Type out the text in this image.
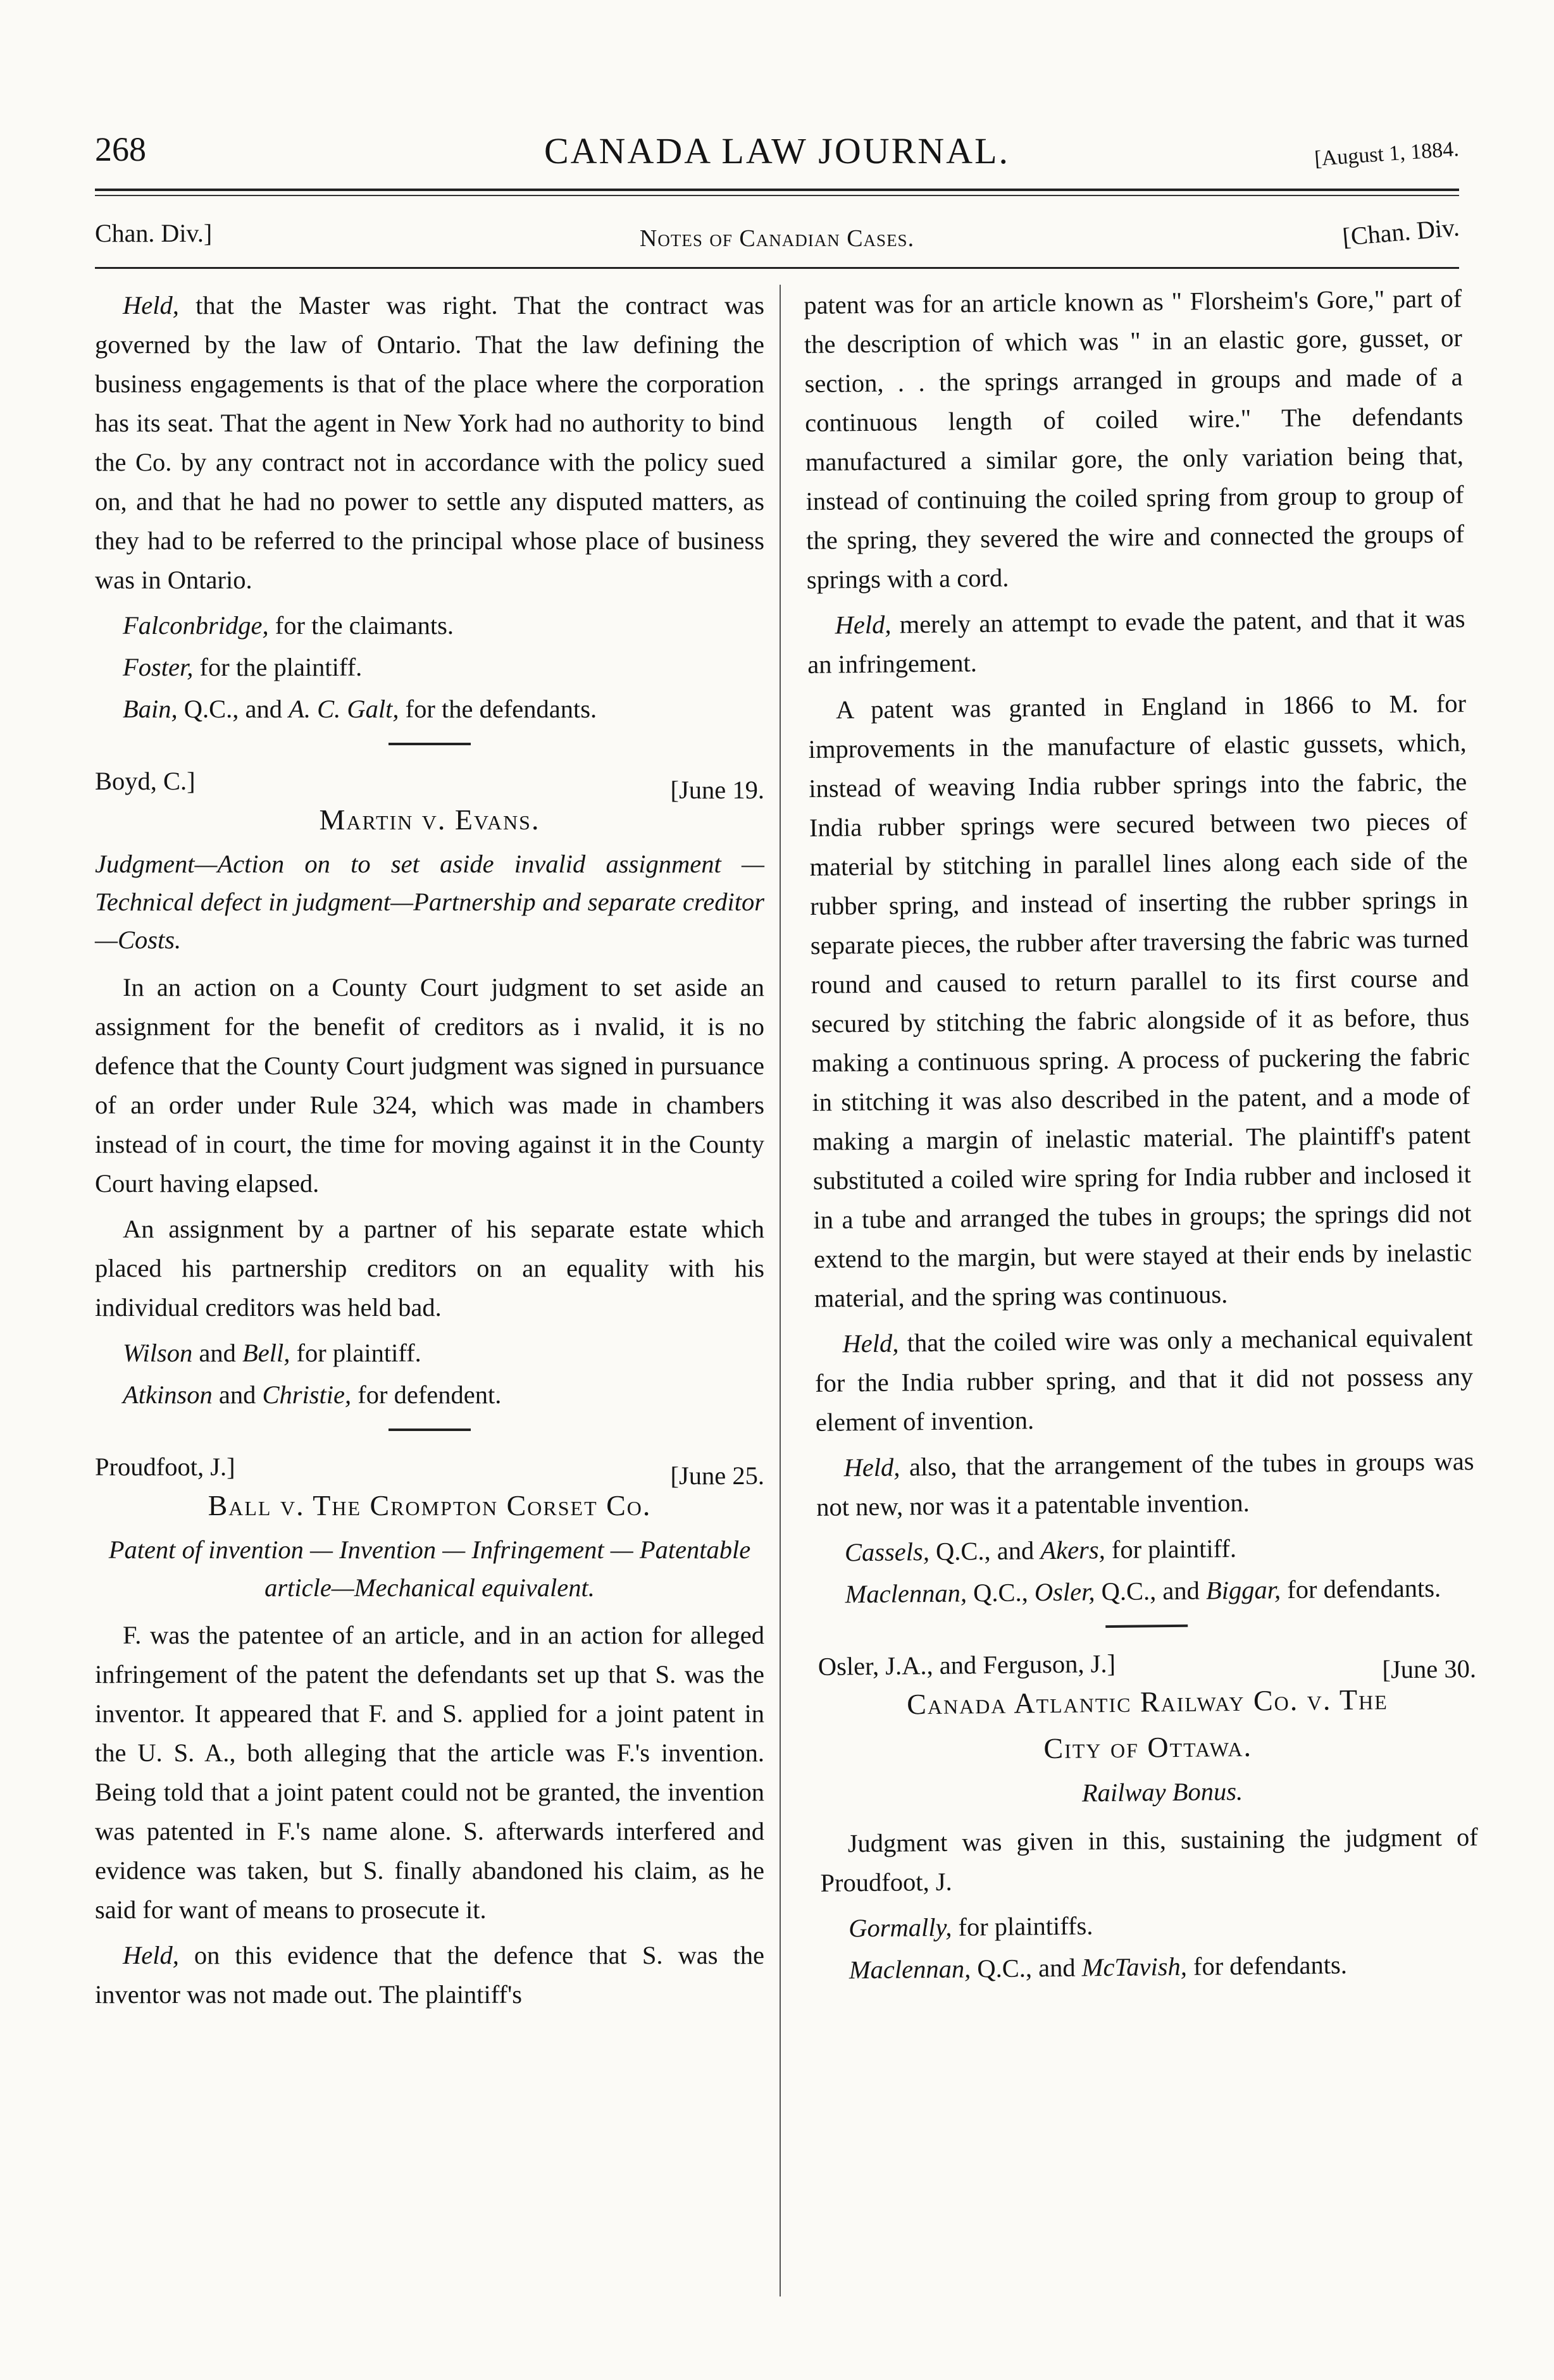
268	CANADA LAW JOURNAL.	[August 1, 1884.
Chan. Div.]	Notes of Canadian Cases.	[Chan. Div.

Held, that the Master was right. That the contract was governed by the law of Ontario. That the law defining the business engagements is that of the place where the corporation has its seat. That the agent in New York had no authority to bind the Co. by any contract not in accordance with the policy sued on, and that he had no power to settle any disputed matters, as they had to be referred to the principal whose place of business was in Ontario.

Falconbridge, for the claimants.

Foster, for the plaintiff.

Bain, Q.C., and A. C. Galt, for the defendants.

Boyd, C.]	[June 19.
Martin v. Evans.

Judgment—Action on to set aside invalid assignment —Technical defect in judgment—Partnership and separate creditor—Costs.

In an action on a County Court judgment to set aside an assignment for the benefit of creditors as i nvalid, it is no defence that the County Court judgment was signed in pursuance of an order under Rule 324, which was made in chambers instead of in court, the time for moving against it in the County Court having elapsed.

An assignment by a partner of his separate estate which placed his partnership creditors on an equality with his individual creditors was held bad.

Wilson and Bell, for plaintiff.

Atkinson and Christie, for defendent.

Proudfoot, J.]	[June 25.
Ball v. The Crompton Corset Co.

Patent of invention — Invention — Infringement — Patentable article—Mechanical equivalent.

F. was the patentee of an article, and in an action for alleged infringement of the patent the defendants set up that S. was the inventor. It appeared that F. and S. applied for a joint patent in the U. S. A., both alleging that the article was F.'s invention. Being told that a joint patent could not be granted, the invention was patented in F.'s name alone. S. afterwards interfered and evidence was taken, but S. finally abandoned his claim, as he said for want of means to prosecute it.

Held, on this evidence that the defence that S. was the inventor was not made out. The plaintiff's

patent was for an article known as " Florsheim's Gore," part of the description of which was " in an elastic gore, gusset, or section, . . the springs arranged in groups and made of a continuous length of coiled wire." The defendants manufactured a similar gore, the only variation being that, instead of continuing the coiled spring from group to group of the spring, they severed the wire and connected the groups of springs with a cord.

Held, merely an attempt to evade the patent, and that it was an infringement.

A patent was granted in England in 1866 to M. for improvements in the manufacture of elastic gussets, which, instead of weaving India rubber springs into the fabric, the India rubber springs were secured between two pieces of material by stitching in parallel lines along each side of the rubber spring, and instead of inserting the rubber springs in separate pieces, the rubber after traversing the fabric was turned round and caused to return parallel to its first course and secured by stitching the fabric alongside of it as before, thus making a continuous spring. A process of puckering the fabric in stitching it was also described in the patent, and a mode of making a margin of inelastic material. The plaintiff's patent substituted a coiled wire spring for India rubber and inclosed it in a tube and arranged the tubes in groups; the springs did not extend to the margin, but were stayed at their ends by inelastic material, and the spring was continuous.

Held, that the coiled wire was only a mechanical equivalent for the India rubber spring, and that it did not possess any element of invention.

Held, also, that the arrangement of the tubes in groups was not new, nor was it a patentable invention.

Cassels, Q.C., and Akers, for plaintiff.

Maclennan, Q.C., Osler, Q.C., and Biggar, for defendants.

Osler, J.A., and Ferguson, J.]	[June 30.
Canada Atlantic Railway Co. v. The
City of Ottawa.

Railway Bonus.

Judgment was given in this, sustaining the judgment of Proudfoot, J.

Gormally, for plaintiffs.

Maclennan, Q.C., and McTavish, for defendants.
